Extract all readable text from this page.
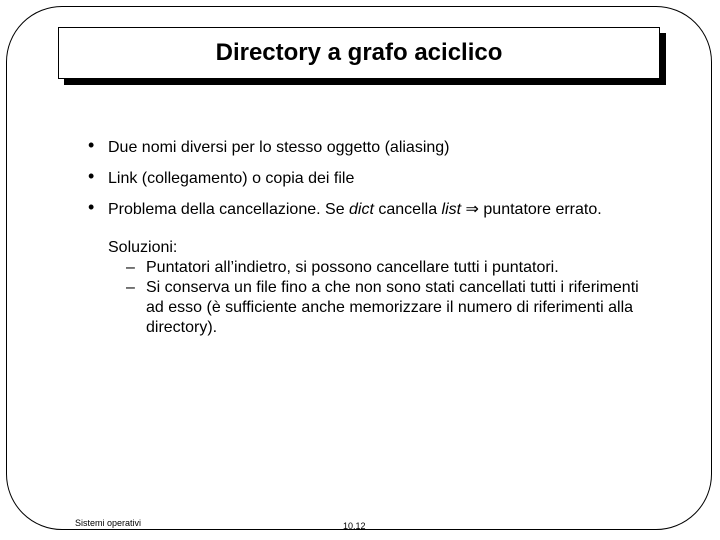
Directory a grafo aciclico
• Due nomi diversi per lo stesso oggetto (aliasing)
• Link (collegamento) o copia dei file
• Problema della cancellazione. Se dict cancella list ⇒ puntatore errato.
Soluzioni:
– Puntatori all’indietro, si possono cancellare tutti i puntatori.
– Si conserva un file fino a che non sono stati cancellati tutti i riferimenti ad esso (è sufficiente anche memorizzare il numero di riferimenti alla directory).
Sistemi operativi	10.12
